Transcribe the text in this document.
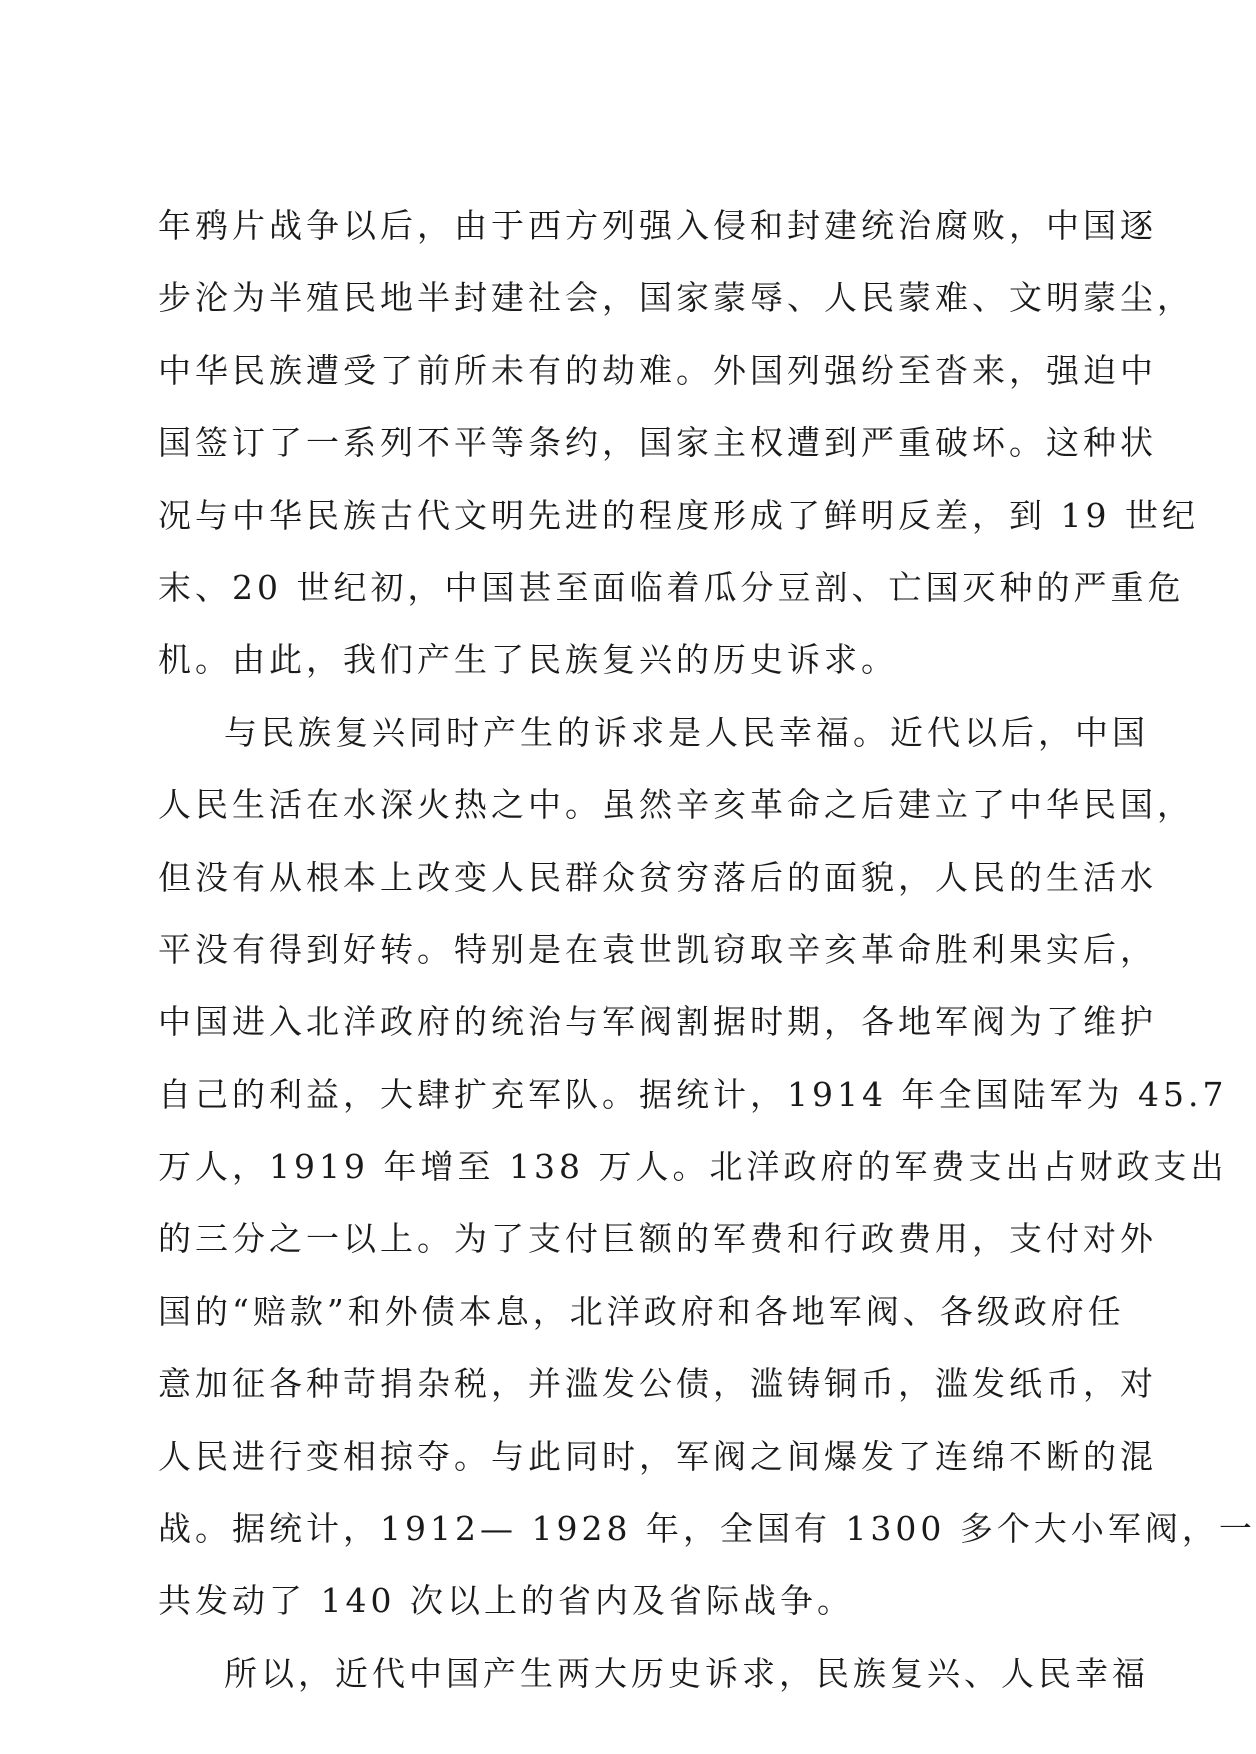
年鸦片战争以后，由于西方列强入侵和封建统治腐败，中国逐
步沦为半殖民地半封建社会，国家蒙辱、人民蒙难、文明蒙尘，
中华民族遭受了前所未有的劫难。外国列强纷至沓来，强迫中
国签订了一系列不平等条约，国家主权遭到严重破坏。这种状
况与中华民族古代文明先进的程度形成了鲜明反差，到 19 世纪
末、20 世纪初，中国甚至面临着瓜分豆剖、亡国灭种的严重危
机。由此，我们产生了民族复兴的历史诉求。
与民族复兴同时产生的诉求是人民幸福。近代以后，中国
人民生活在水深火热之中。虽然辛亥革命之后建立了中华民国，
但没有从根本上改变人民群众贫穷落后的面貌，人民的生活水
平没有得到好转。特别是在袁世凯窃取辛亥革命胜利果实后，
中国进入北洋政府的统治与军阀割据时期，各地军阀为了维护
自己的利益，大肆扩充军队。据统计，1914 年全国陆军为 45.7
万人，1919 年增至 138 万人。北洋政府的军费支出占财政支出
的三分之一以上。为了支付巨额的军费和行政费用，支付对外
国的“赔款”和外债本息，北洋政府和各地军阀、各级政府任
意加征各种苛捐杂税，并滥发公债，滥铸铜币，滥发纸币，对
人民进行变相掠夺。与此同时，军阀之间爆发了连绵不断的混
战。据统计，1912— 1928 年，全国有 1300 多个大小军阀，一
共发动了 140 次以上的省内及省际战争。
所以，近代中国产生两大历史诉求，民族复兴、人民幸福
